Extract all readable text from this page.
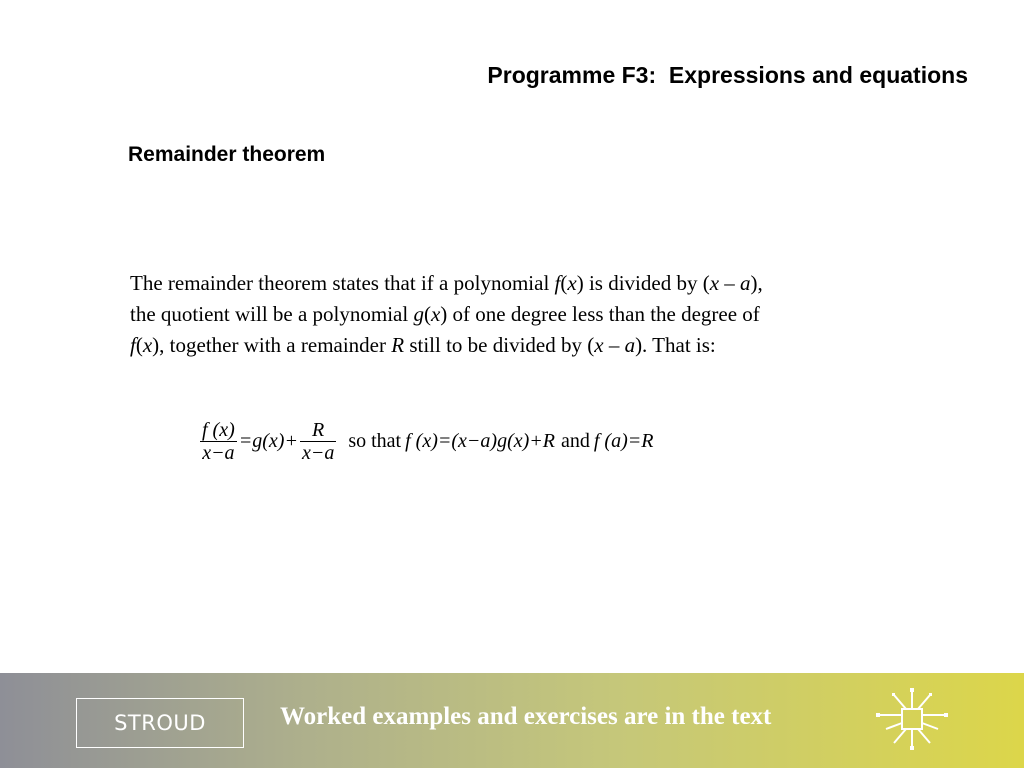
Programme F3:  Expressions and equations
Remainder theorem
The remainder theorem states that if a polynomial f(x) is divided by (x – a),
the quotient will be a polynomial g(x) of one degree less than the degree of
f(x), together with a remainder R still to be divided by (x – a). That is:
$\frac{f (x)}{x-a} =g(x)+ \frac{R}{x-a}$ so that f (x)=(x−a)g(x)+R and f (a)=R
STROUD	Worked examples and exercises are in the text
